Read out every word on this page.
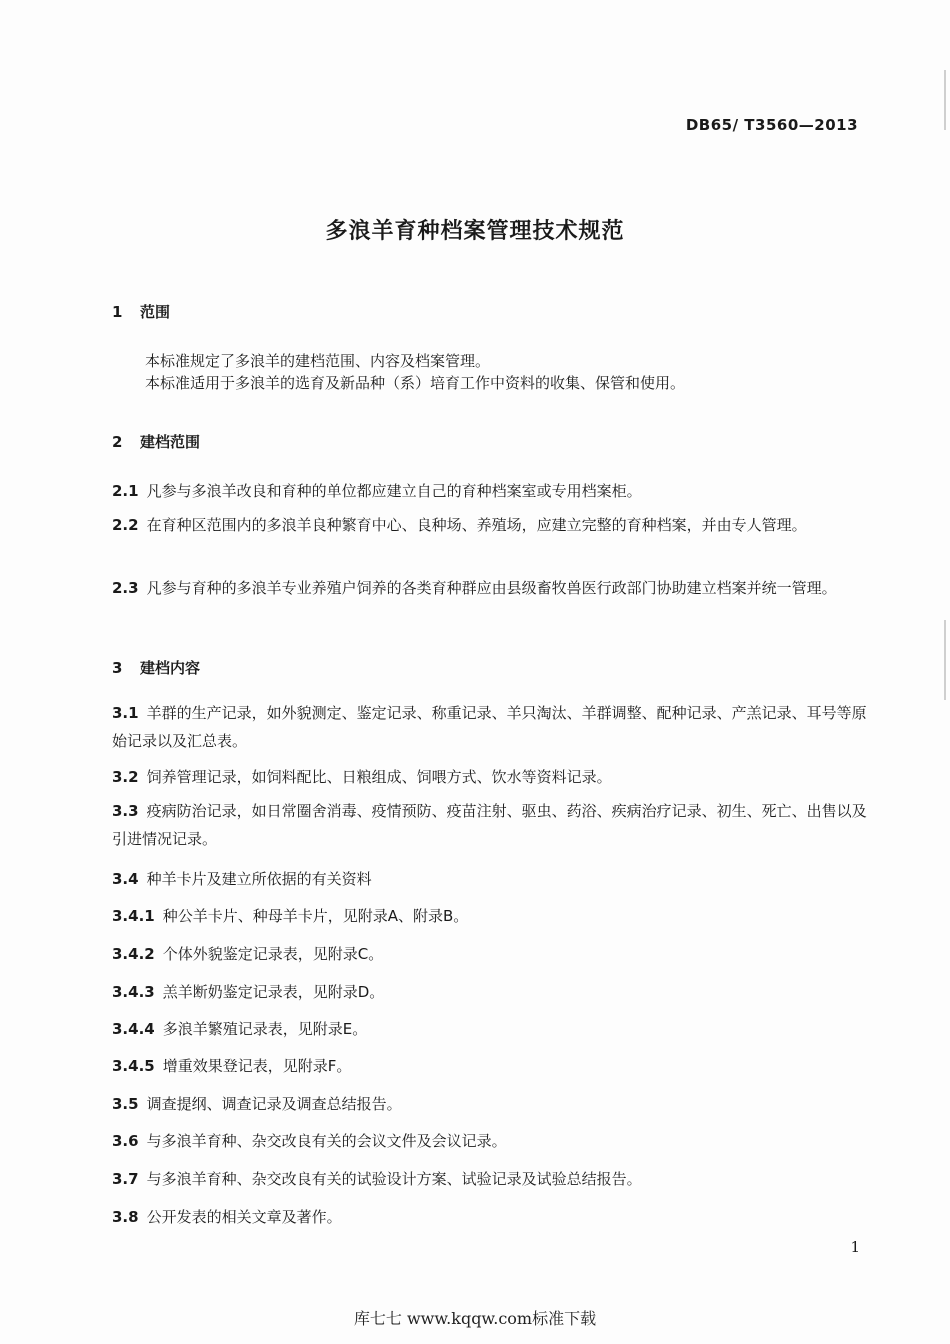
DB65/ T3560—2013
多浪羊育种档案管理技术规范
1 范围
本标准规定了多浪羊的建档范围、内容及档案管理。
本标准适用于多浪羊的选育及新品种（系）培育工作中资料的收集、保管和使用。
2 建档范围
2.1 凡参与多浪羊改良和育种的单位都应建立自己的育种档案室或专用档案柜。
2.2 在育种区范围内的多浪羊良种繁育中心、良种场、养殖场，应建立完整的育种档案，并由专人管理。
2.3 凡参与育种的多浪羊专业养殖户饲养的各类育种群应由县级畜牧兽医行政部门协助建立档案并统一管理。
3 建档内容
3.1 羊群的生产记录，如外貌测定、鉴定记录、称重记录、羊只淘汰、羊群调整、配种记录、产羔记录、耳号等原始记录以及汇总表。
3.2 饲养管理记录，如饲料配比、日粮组成、饲喂方式、饮水等资料记录。
3.3 疫病防治记录，如日常圈舍消毒、疫情预防、疫苗注射、驱虫、药浴、疾病治疗记录、初生、死亡、出售以及引进情况记录。
3.4 种羊卡片及建立所依据的有关资料
3.4.1 种公羊卡片、种母羊卡片，见附录A、附录B。
3.4.2 个体外貌鉴定记录表，见附录C。
3.4.3 羔羊断奶鉴定记录表，见附录D。
3.4.4 多浪羊繁殖记录表，见附录E。
3.4.5 增重效果登记表，见附录F。
3.5 调查提纲、调查记录及调查总结报告。
3.6 与多浪羊育种、杂交改良有关的会议文件及会议记录。
3.7 与多浪羊育种、杂交改良有关的试验设计方案、试验记录及试验总结报告。
3.8 公开发表的相关文章及著作。
1
库七七 www.kqqw.com标准下载
